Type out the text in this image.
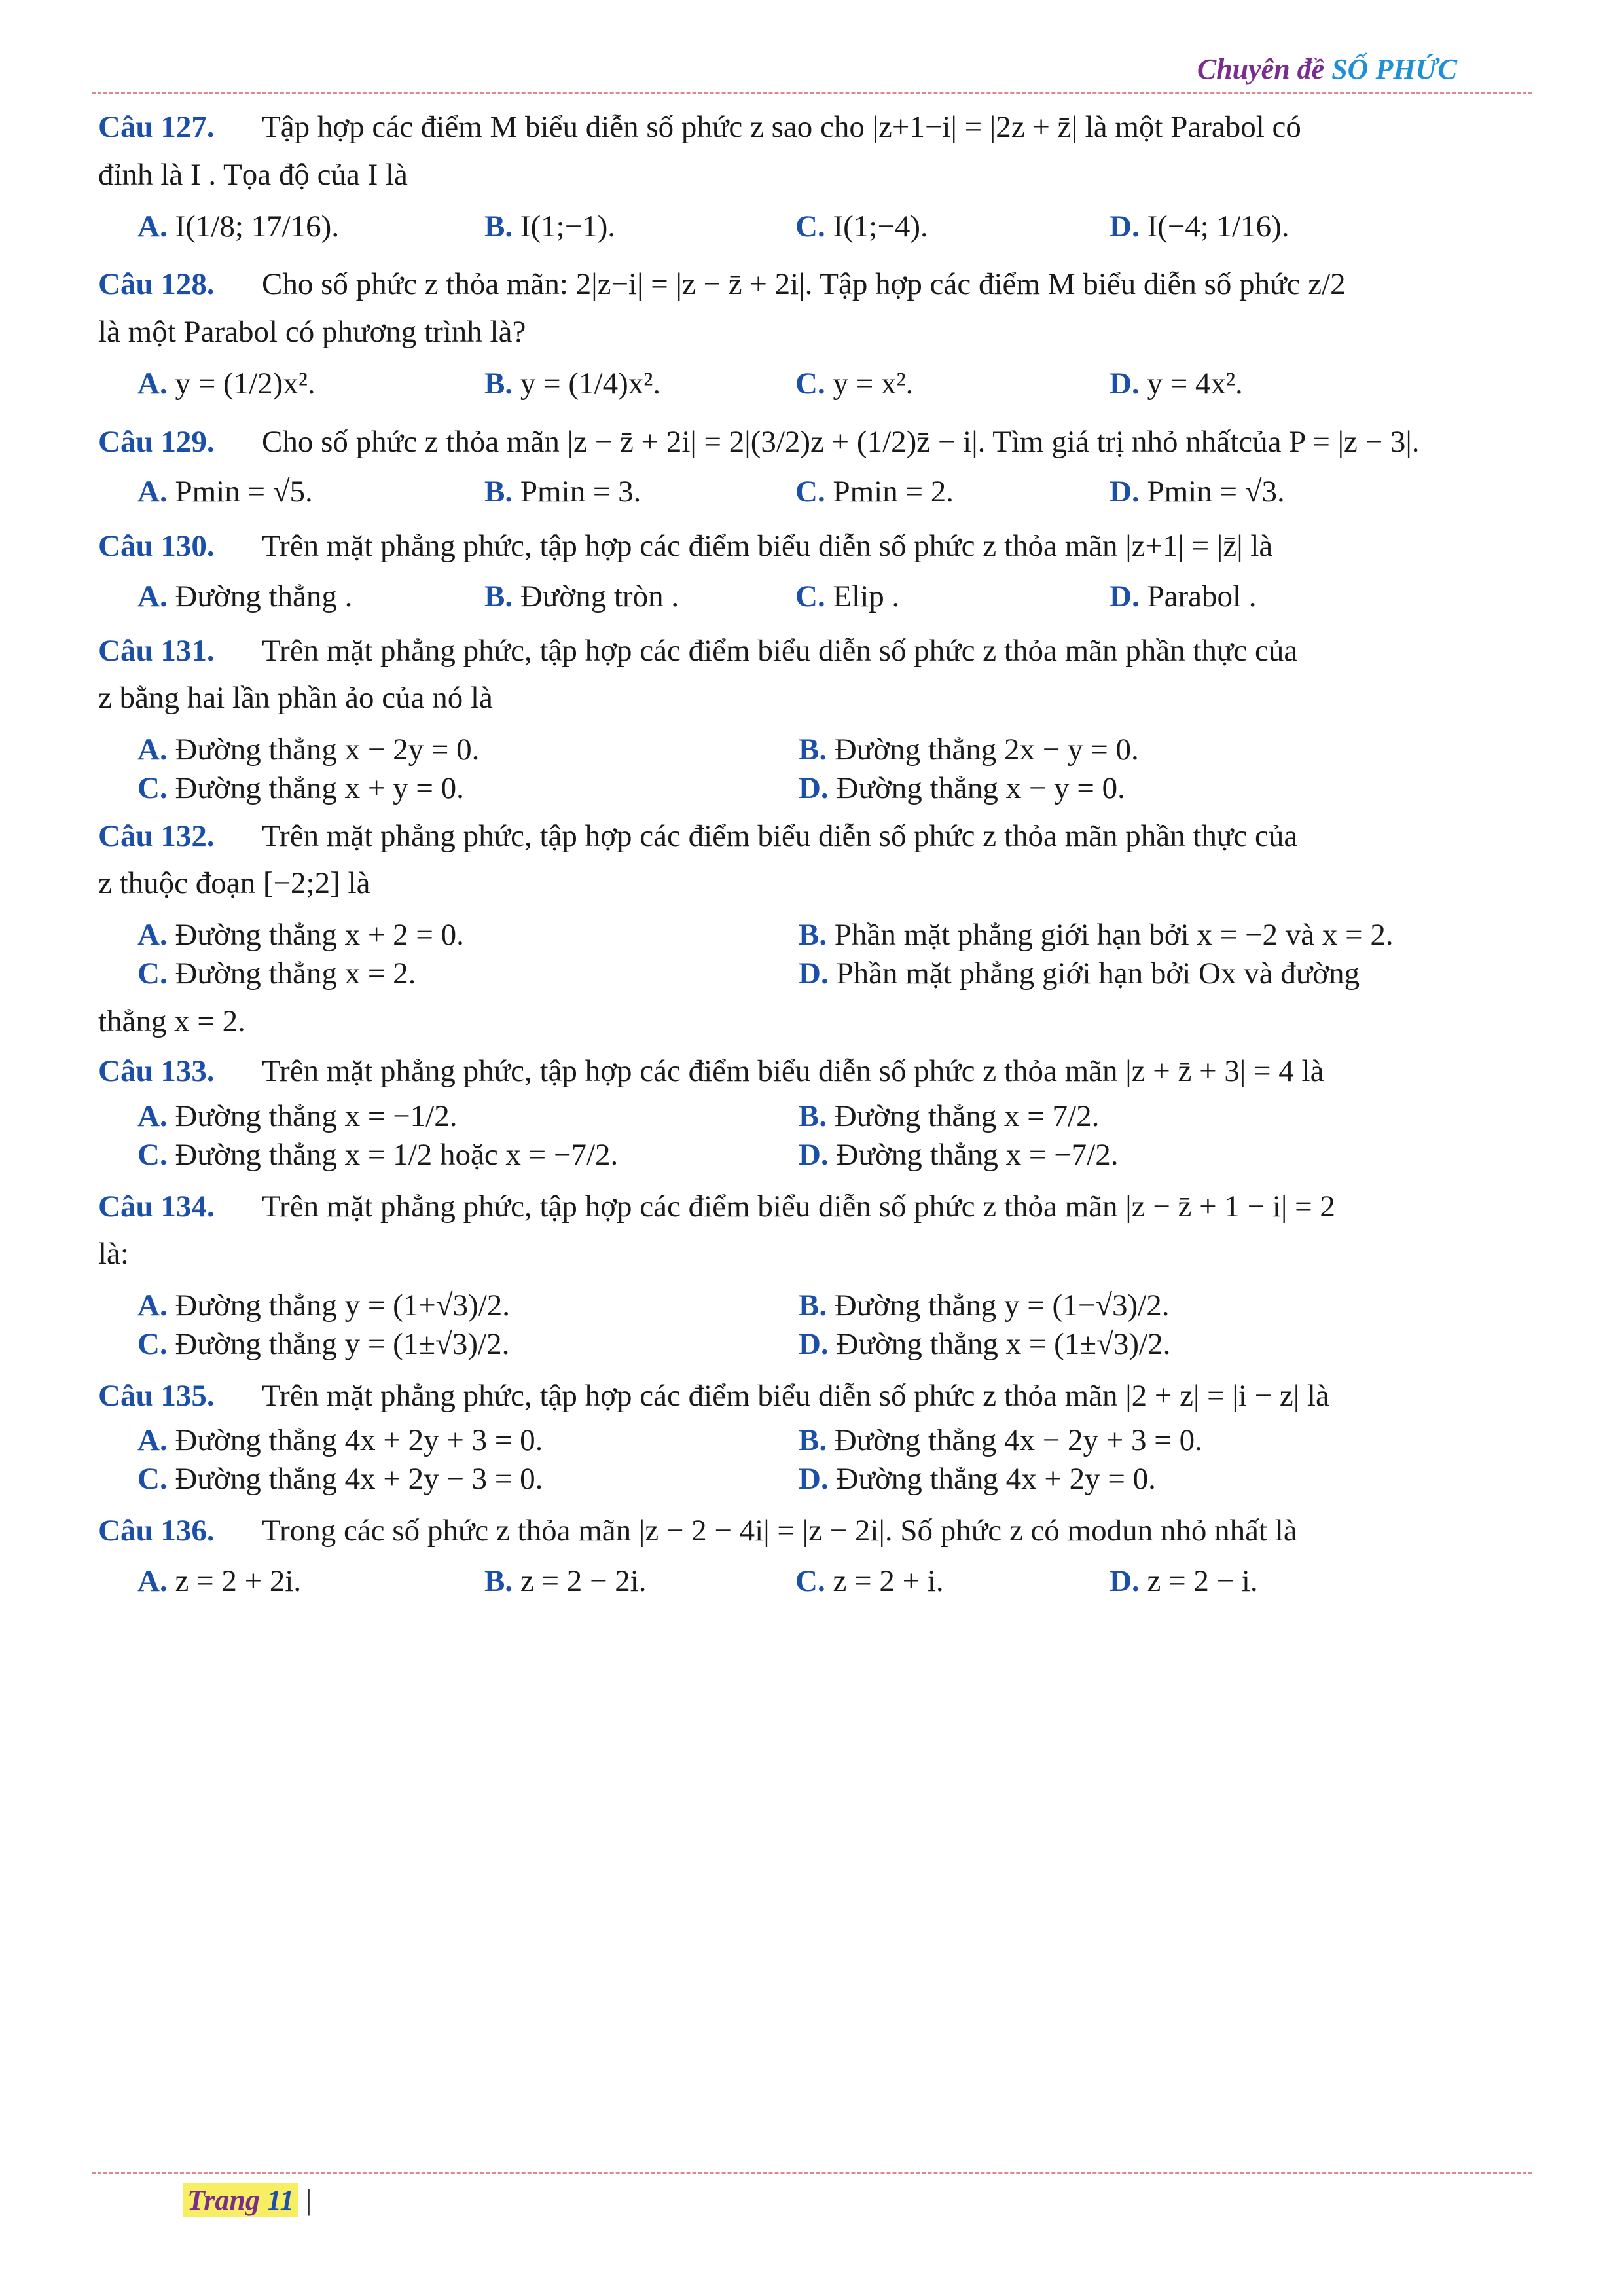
Chuyên đề SỐ PHỨC
Câu 127.	Tập hợp các điểm M biểu diễn số phức z sao cho |z+1−i| = |2z + z̄| là một Parabol có
đỉnh là I . Tọa độ của I là
A. I(1/8; 17/16).	B. I(1;−1).	C. I(1;−4).	D. I(−4; 1/16).
Câu 128.	Cho số phức z thỏa mãn: 2|z−i| = |z − z̄ + 2i|. Tập hợp các điểm M biểu diễn số phức z/2
là một Parabol có phương trình là?
A. y = (1/2)x².	B. y = (1/4)x².	C. y = x².	D. y = 4x².
Câu 129.	Cho số phức z thỏa mãn |z − z̄ + 2i| = 2|(3/2)z + (1/2)z̄ − i|. Tìm giá trị nhỏ nhấtcủa P = |z − 3|.
A. Pmin = √5.	B. Pmin = 3.	C. Pmin = 2.	D. Pmin = √3.
Câu 130.	Trên mặt phẳng phức, tập hợp các điểm biểu diễn số phức z thỏa mãn |z+1| = |z̄| là
A. Đường thẳng .	B. Đường tròn .	C. Elip .	D. Parabol .
Câu 131.	Trên mặt phẳng phức, tập hợp các điểm biểu diễn số phức z thỏa mãn phần thực của
z bằng hai lần phần ảo của nó là
A. Đường thẳng x − 2y = 0.	B. Đường thẳng 2x − y = 0.
C. Đường thẳng x + y = 0.	D. Đường thẳng x − y = 0.
Câu 132.	Trên mặt phẳng phức, tập hợp các điểm biểu diễn số phức z thỏa mãn phần thực của
z thuộc đoạn [−2;2] là
A. Đường thẳng x + 2 = 0.	B. Phần mặt phẳng giới hạn bởi x = −2 và x = 2.
C. Đường thẳng x = 2.	D. Phần mặt phẳng giới hạn bởi Ox và đường
thẳng x = 2.
Câu 133.	Trên mặt phẳng phức, tập hợp các điểm biểu diễn số phức z thỏa mãn |z + z̄ + 3| = 4 là
A. Đường thẳng x = −1/2.	B. Đường thẳng x = 7/2.
C. Đường thẳng x = 1/2 hoặc x = −7/2.	D. Đường thẳng x = −7/2.
Câu 134.	Trên mặt phẳng phức, tập hợp các điểm biểu diễn số phức z thỏa mãn |z − z̄ + 1 − i| = 2
là:
A. Đường thẳng y = (1+√3)/2.	B. Đường thẳng y = (1−√3)/2.
C. Đường thẳng y = (1±√3)/2.	D. Đường thẳng x = (1±√3)/2.
Câu 135.	Trên mặt phẳng phức, tập hợp các điểm biểu diễn số phức z thỏa mãn |2 + z| = |i − z| là
A. Đường thẳng 4x + 2y + 3 = 0.	B. Đường thẳng 4x − 2y + 3 = 0.
C. Đường thẳng 4x + 2y − 3 = 0.	D. Đường thẳng 4x + 2y = 0.
Câu 136.	Trong các số phức z thỏa mãn |z − 2 − 4i| = |z − 2i|. Số phức z có modun nhỏ nhất là
A. z = 2 + 2i.	B. z = 2 − 2i.	C. z = 2 + i.	D. z = 2 − i.
Trang 11 |
